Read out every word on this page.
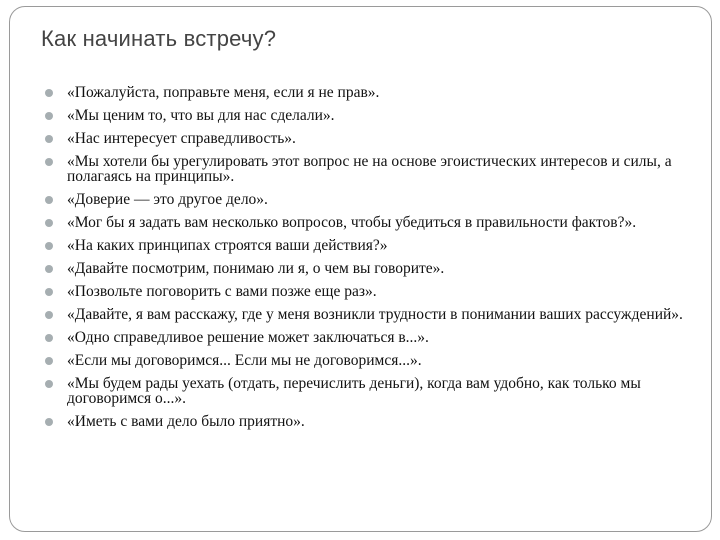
Как начинать встречу?
«Пожалуйста, поправьте меня, если я не прав».
«Мы ценим то, что вы для нас сделали».
«Нас интересует справедливость».
«Мы хотели бы урегулировать этот вопрос не на основе эгоистических интересов и силы, а полагаясь на принципы».
«Доверие — это другое дело».
«Мог бы я задать вам несколько вопросов, чтобы убедиться в правильности фактов?».
«На каких принципах строятся ваши действия?»
«Давайте посмотрим, понимаю ли я, о чем вы говорите».
«Позвольте поговорить с вами позже еще раз».
«Давайте, я вам расскажу, где у меня возникли трудности в понимании ваших рассуждений».
«Одно справедливое решение может заключаться в...».
«Если мы договоримся... Если мы не договоримся...».
«Мы будем рады уехать (отдать, перечислить деньги), когда вам удобно, как только мы договоримся о...».
«Иметь с вами дело было приятно».
